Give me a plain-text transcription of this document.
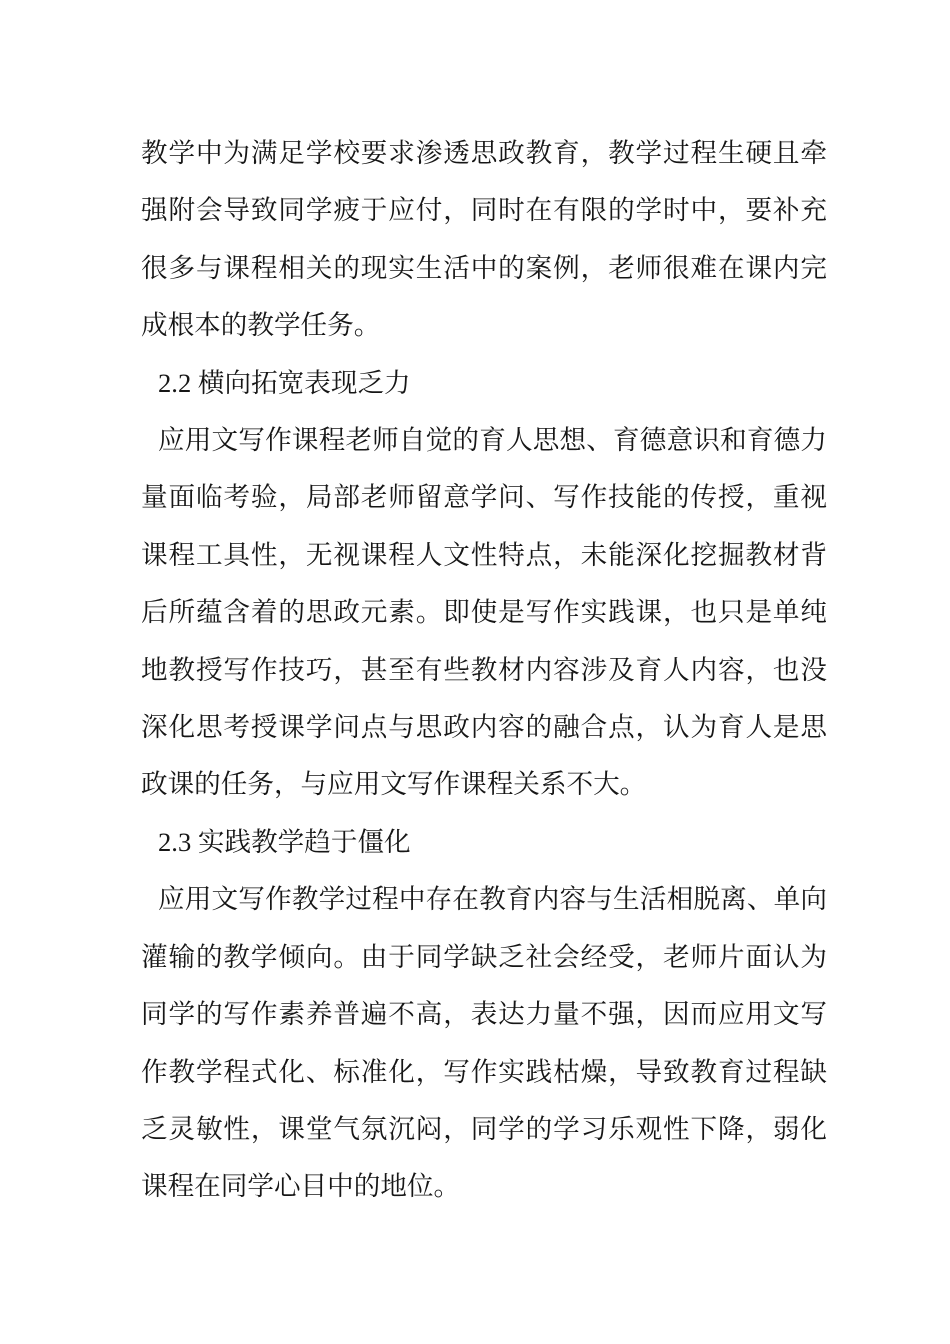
教学中为满足学校要求渗透思政教育，教学过程生硬且牵强附会导致同学疲于应付，同时在有限的学时中，要补充很多与课程相关的现实生活中的案例，老师很难在课内完成根本的教学任务。

2.2 横向拓宽表现乏力

应用文写作课程老师自觉的育人思想、育德意识和育德力量面临考验，局部老师留意学问、写作技能的传授，重视课程工具性，无视课程人文性特点，未能深化挖掘教材背后所蕴含着的思政元素。即使是写作实践课，也只是单纯地教授写作技巧，甚至有些教材内容涉及育人内容，也没深化思考授课学问点与思政内容的融合点，认为育人是思政课的任务，与应用文写作课程关系不大。

2.3 实践教学趋于僵化

应用文写作教学过程中存在教育内容与生活相脱离、单向灌输的教学倾向。由于同学缺乏社会经受，老师片面认为同学的写作素养普遍不高，表达力量不强，因而应用文写作教学程式化、标准化，写作实践枯燥，导致教育过程缺乏灵敏性，课堂气氛沉闷，同学的学习乐观性下降，弱化课程在同学心目中的地位。
